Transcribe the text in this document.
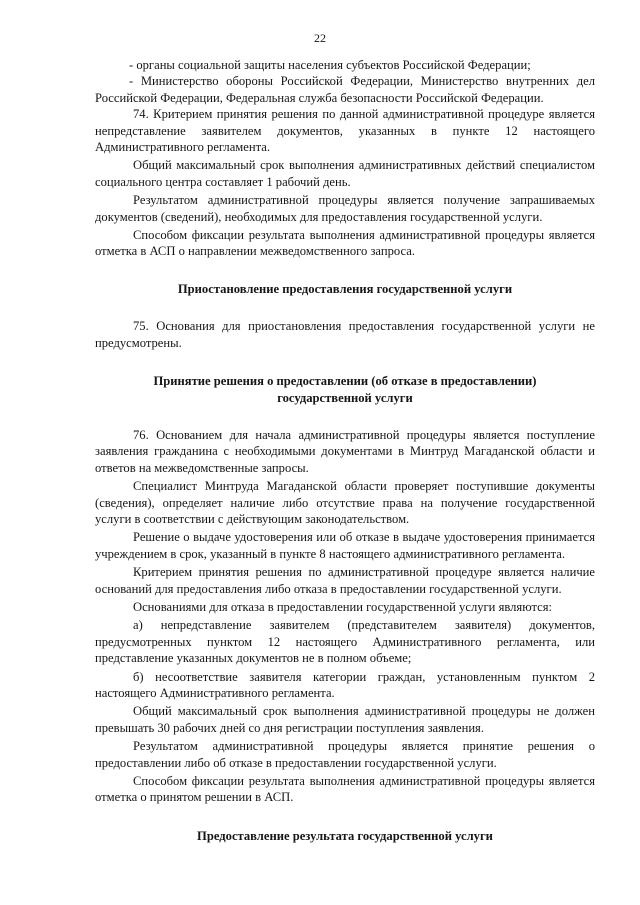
22

- органы социальной защиты населения субъектов Российской Федерации;

- Министерство обороны Российской Федерации, Министерство внутренних дел Российской Федерации, Федеральная служба безопасности Российской Федерации.

74. Критерием принятия решения по данной административной процедуре является непредставление заявителем документов, указанных в пункте 12 настоящего Административного регламента.

Общий максимальный срок выполнения административных действий специалистом социального центра составляет 1 рабочий день.

Результатом административной процедуры является получение запрашиваемых документов (сведений), необходимых для предоставления государственной услуги.

Способом фиксации результата выполнения административной процедуры является отметка в АСП о направлении межведомственного запроса.

Приостановление предоставления государственной услуги

75. Основания для приостановления предоставления государственной услуги не предусмотрены.

Принятие решения о предоставлении (об отказе в предоставлении)
государственной услуги

76. Основанием для начала административной процедуры является поступление заявления гражданина с необходимыми документами в Минтруд Магаданской области и ответов на межведомственные запросы.

Специалист Минтруда Магаданской области проверяет поступившие документы (сведения), определяет наличие либо отсутствие права на получение государственной услуги в соответствии с действующим законодательством.

Решение о выдаче удостоверения или об отказе в выдаче удостоверения принимается учреждением в срок, указанный в пункте 8 настоящего административного регламента.

Критерием принятия решения по административной процедуре является наличие оснований для предоставления либо отказа в предоставлении государственной услуги.

Основаниями для отказа в предоставлении государственной услуги являются:

а) непредставление заявителем (представителем заявителя) документов, предусмотренных пунктом 12 настоящего Административного регламента, или представление указанных документов не в полном объеме;

б) несоответствие заявителя категории граждан, установленным пунктом 2 настоящего Административного регламента.

Общий максимальный срок выполнения административной процедуры не должен превышать 30 рабочих дней со дня регистрации поступления заявления.

Результатом административной процедуры является принятие решения о предоставлении либо об отказе в предоставлении государственной услуги.

Способом фиксации результата выполнения административной процедуры является отметка о принятом решении в АСП.

Предоставление результата государственной услуги
